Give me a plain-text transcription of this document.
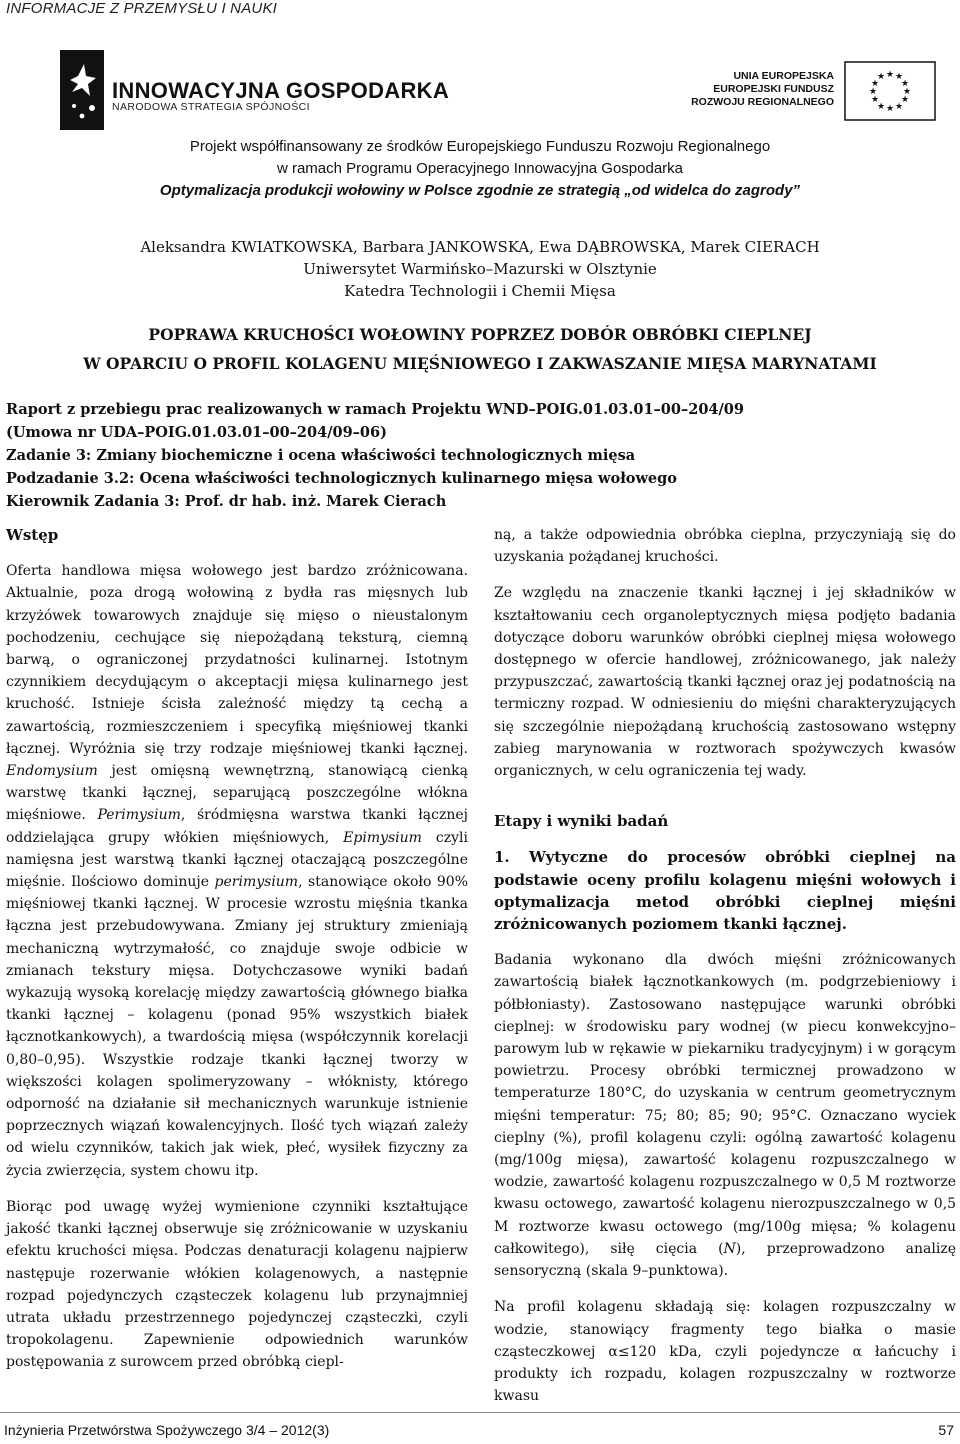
INFORMACJE Z PRZEMYSŁU I NAUKI
INNOWACYJNA GOSPODARKA
NARODOWA STRATEGIA SPÓJNOŚCI
UNIA EUROPEJSKA
EUROPEJSKI FUNDUSZ
ROZWOJU REGIONALNEGO
★ ★
★
★
★
★
★
★
★
★
★
★
Projekt współfinansowany ze środków Europejskiego Funduszu Rozwoju Regionalnego
w ramach Programu Operacyjnego Innowacyjna Gospodarka
Optymalizacja produkcji wołowiny w Polsce zgodnie ze strategią „od widelca do zagrody”
Aleksandra KWIATKOWSKA, Barbara JANKOWSKA, Ewa DĄBROWSKA, Marek CIERACH
Uniwersytet Warmińsko–Mazurski w Olsztynie
Katedra Technologii i Chemii Mięsa
POPRAWA KRUCHOŚCI WOŁOWINY POPRZEZ DOBÓR OBRÓBKI CIEPLNEJ
W OPARCIU O PROFIL KOLAGENU MIĘŚNIOWEGO I ZAKWASZANIE MIĘSA MARYNATAMI
Raport z przebiegu prac realizowanych w ramach Projektu WND–POIG.01.03.01–00–204/09
(Umowa nr UDA–POIG.01.03.01–00–204/09–06)
Zadanie 3: Zmiany biochemiczne i ocena właściwości technologicznych mięsa
Podzadanie 3.2: Ocena właściwości technologicznych kulinarnego mięsa wołowego
Kierownik Zadania 3: Prof. dr hab. inż. Marek Cierach

Wstęp

Oferta handlowa mięsa wołowego jest bardzo zróżnicowana. Aktualnie, poza drogą wołowiną z bydła ras mięsnych lub krzyżówek towarowych znajduje się mięso o nieustalonym pochodzeniu, cechujące się niepożądaną teksturą, ciemną barwą, o ograniczonej przydatności kulinarnej. Istotnym czynnikiem decydującym o akceptacji mięsa kulinarnego jest kruchość. Istnieje ścisła zależność między tą cechą a zawartością, rozmieszczeniem i specyfiką mięśniowej tkanki łącznej. Wyróżnia się trzy rodzaje mięśniowej tkanki łącznej. Endomysium jest omięsną wewnętrzną, stanowiącą cienką warstwę tkanki łącznej, separującą poszczególne włókna mięśniowe. Perimysium, śródmięsna warstwa tkanki łącznej oddzielająca grupy włókien mięśniowych, Epimysium czyli namięsna jest warstwą tkanki łącznej otaczającą poszczególne mięśnie. Ilościowo dominuje perimysium, stanowiące około 90% mięśniowej tkanki łącznej. W procesie wzrostu mięśnia tkanka łączna jest przebudowywana. Zmiany jej struktury zmieniają mechaniczną wytrzymałość, co znajduje swoje odbicie w zmianach tekstury mięsa. Dotychczasowe wyniki badań wykazują wysoką korelację między zawartością głównego białka tkanki łącznej – kolagenu (ponad 95% wszystkich białek łącznotkankowych), a twardością mięsa (współczynnik korelacji 0,80–0,95). Wszystkie rodzaje tkanki łącznej tworzy w większości kolagen spolimeryzowany – włóknisty, którego odporność na działanie sił mechanicznych warunkuje istnienie poprzecznych wiązań kowalencyjnych. Ilość tych wiązań zależy od wielu czynników, takich jak wiek, płeć, wysiłek fizyczny za życia zwierzęcia, system chowu itp.

Biorąc pod uwagę wyżej wymienione czynniki kształtujące jakość tkanki łącznej obserwuje się zróżnicowanie w uzyskaniu efektu kruchości mięsa. Podczas denaturacji kolagenu najpierw następuje rozerwanie włókien kolagenowych, a następnie rozpad pojedynczych cząsteczek kolagenu lub przynajmniej utrata układu przestrzennego pojedynczej cząsteczki, czyli tropokolagenu. Zapewnienie odpowiednich warunków postępowania z surowcem przed obróbką ciepl-

ną, a także odpowiednia obróbka cieplna, przyczyniają się do uzyskania pożądanej kruchości.

Ze względu na znaczenie tkanki łącznej i jej składników w kształtowaniu cech organoleptycznych mięsa podjęto badania dotyczące doboru warunków obróbki cieplnej mięsa wołowego dostępnego w ofercie handlowej, zróżnicowanego, jak należy przypuszczać, zawartością tkanki łącznej oraz jej podatnością na termiczny rozpad. W odniesieniu do mięśni charakteryzujących się szczególnie niepożądaną kruchością zastosowano wstępny zabieg marynowania w roztworach spożywczych kwasów organicznych, w celu ograniczenia tej wady.

Etapy i wyniki badań

1. Wytyczne do procesów obróbki cieplnej na podstawie oceny profilu kolagenu mięśni wołowych i optymalizacja metod obróbki cieplnej mięśni zróżnicowanych poziomem tkanki łącznej.

Badania wykonano dla dwóch mięśni zróżnicowanych zawartością białek łącznotkankowych (m. podgrzebieniowy i półbłoniasty). Zastosowano następujące warunki obróbki cieplnej: w środowisku pary wodnej (w piecu konwekcyjno–parowym lub w rękawie w piekarniku tradycyjnym) i w gorącym powietrzu. Procesy obróbki termicznej prowadzono w temperaturze 180°C, do uzyskania w centrum geometrycznym mięśni temperatur: 75; 80; 85; 90; 95°C. Oznaczano wyciek cieplny (%), profil kolagenu czyli: ogólną zawartość kolagenu (mg/100g mięsa), zawartość kolagenu rozpuszczalnego w wodzie, zawartość kolagenu rozpuszczalnego w 0,5 M roztworze kwasu octowego, zawartość kolagenu nierozpuszczalnego w 0,5 M roztworze kwasu octowego (mg/100g mięsa; % kolagenu całkowitego), siłę cięcia (N), przeprowadzono analizę sensoryczną (skala 9–punktowa).

Na profil kolagenu składają się: kolagen rozpuszczalny w wodzie, stanowiący fragmenty tego białka o masie cząsteczkowej α≤120 kDa, czyli pojedyncze α łańcuchy i produkty ich rozpadu, kolagen rozpuszczalny w roztworze kwasu

Inżynieria Przetwórstwa Spożywczego 3/4 – 2012(3)	57
